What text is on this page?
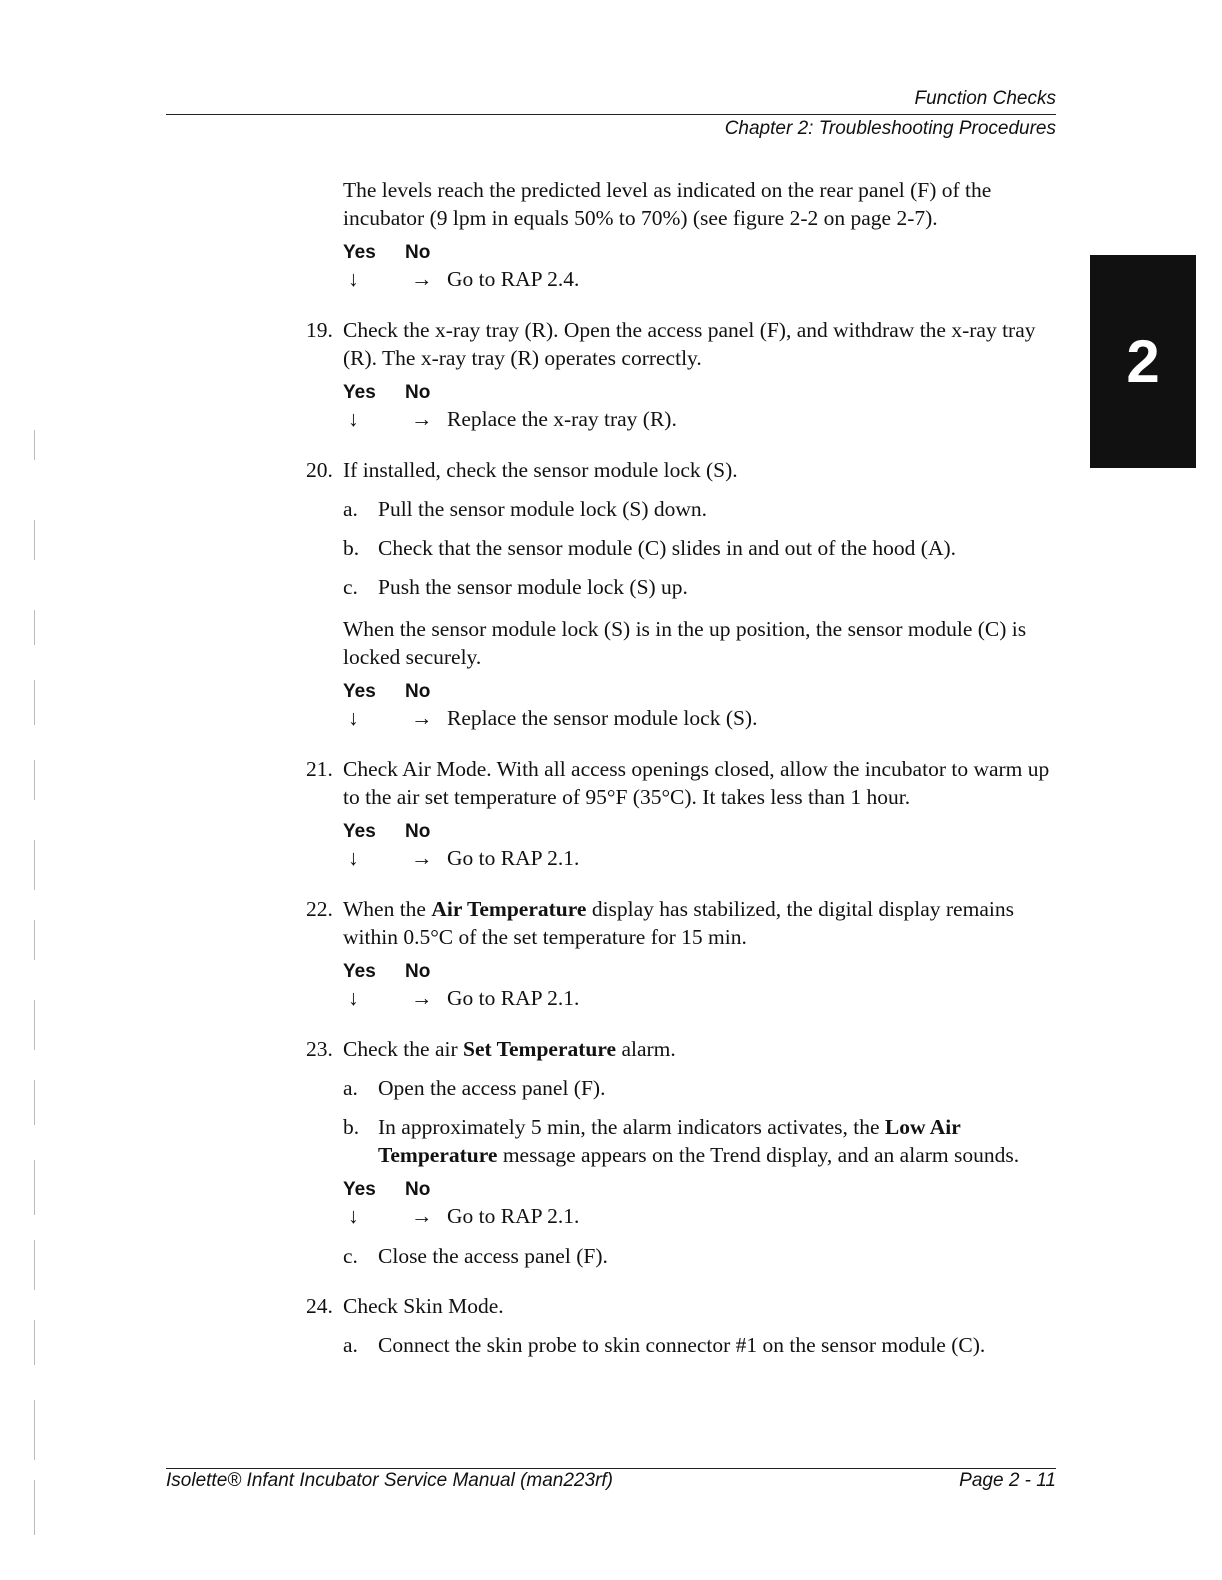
Function Checks
Chapter 2: Troubleshooting Procedures
2

The levels reach the predicted level as indicated on the rear panel (F) of the incubator (9 lpm in equals 50% to 70%) (see figure 2-2 on page 2-7).

Yes No
↓ → Go to RAP 2.4.
19. Check the x-ray tray (R). Open the access panel (F), and withdraw the x-ray tray (R). The x-ray tray (R) operates correctly.

Yes No
↓ → Replace the x-ray tray (R).
20. If installed, check the sensor module lock (S).

a. Pull the sensor module lock (S) down.

b. Check that the sensor module (C) slides in and out of the hood (A).

c. Push the sensor module lock (S) up.

When the sensor module lock (S) is in the up position, the sensor module (C) is locked securely.

Yes No
↓ → Replace the sensor module lock (S).
21. Check Air Mode. With all access openings closed, allow the incubator to warm up to the air set temperature of 95°F (35°C). It takes less than 1 hour.

Yes No
↓ → Go to RAP 2.1.
22. When the Air Temperature display has stabilized, the digital display remains within 0.5°C of the set temperature for 15 min.

Yes No
↓ → Go to RAP 2.1.
23. Check the air Set Temperature alarm.

a. Open the access panel (F).

b. In approximately 5 min, the alarm indicators activates, the Low Air Temperature message appears on the Trend display, and an alarm sounds.

Yes No
↓ → Go to RAP 2.1.
c. Close the access panel (F).

24. Check Skin Mode.

a. Connect the skin probe to skin connector #1 on the sensor module (C).

Isolette® Infant Incubator Service Manual (man223rf)	Page 2 - 11
